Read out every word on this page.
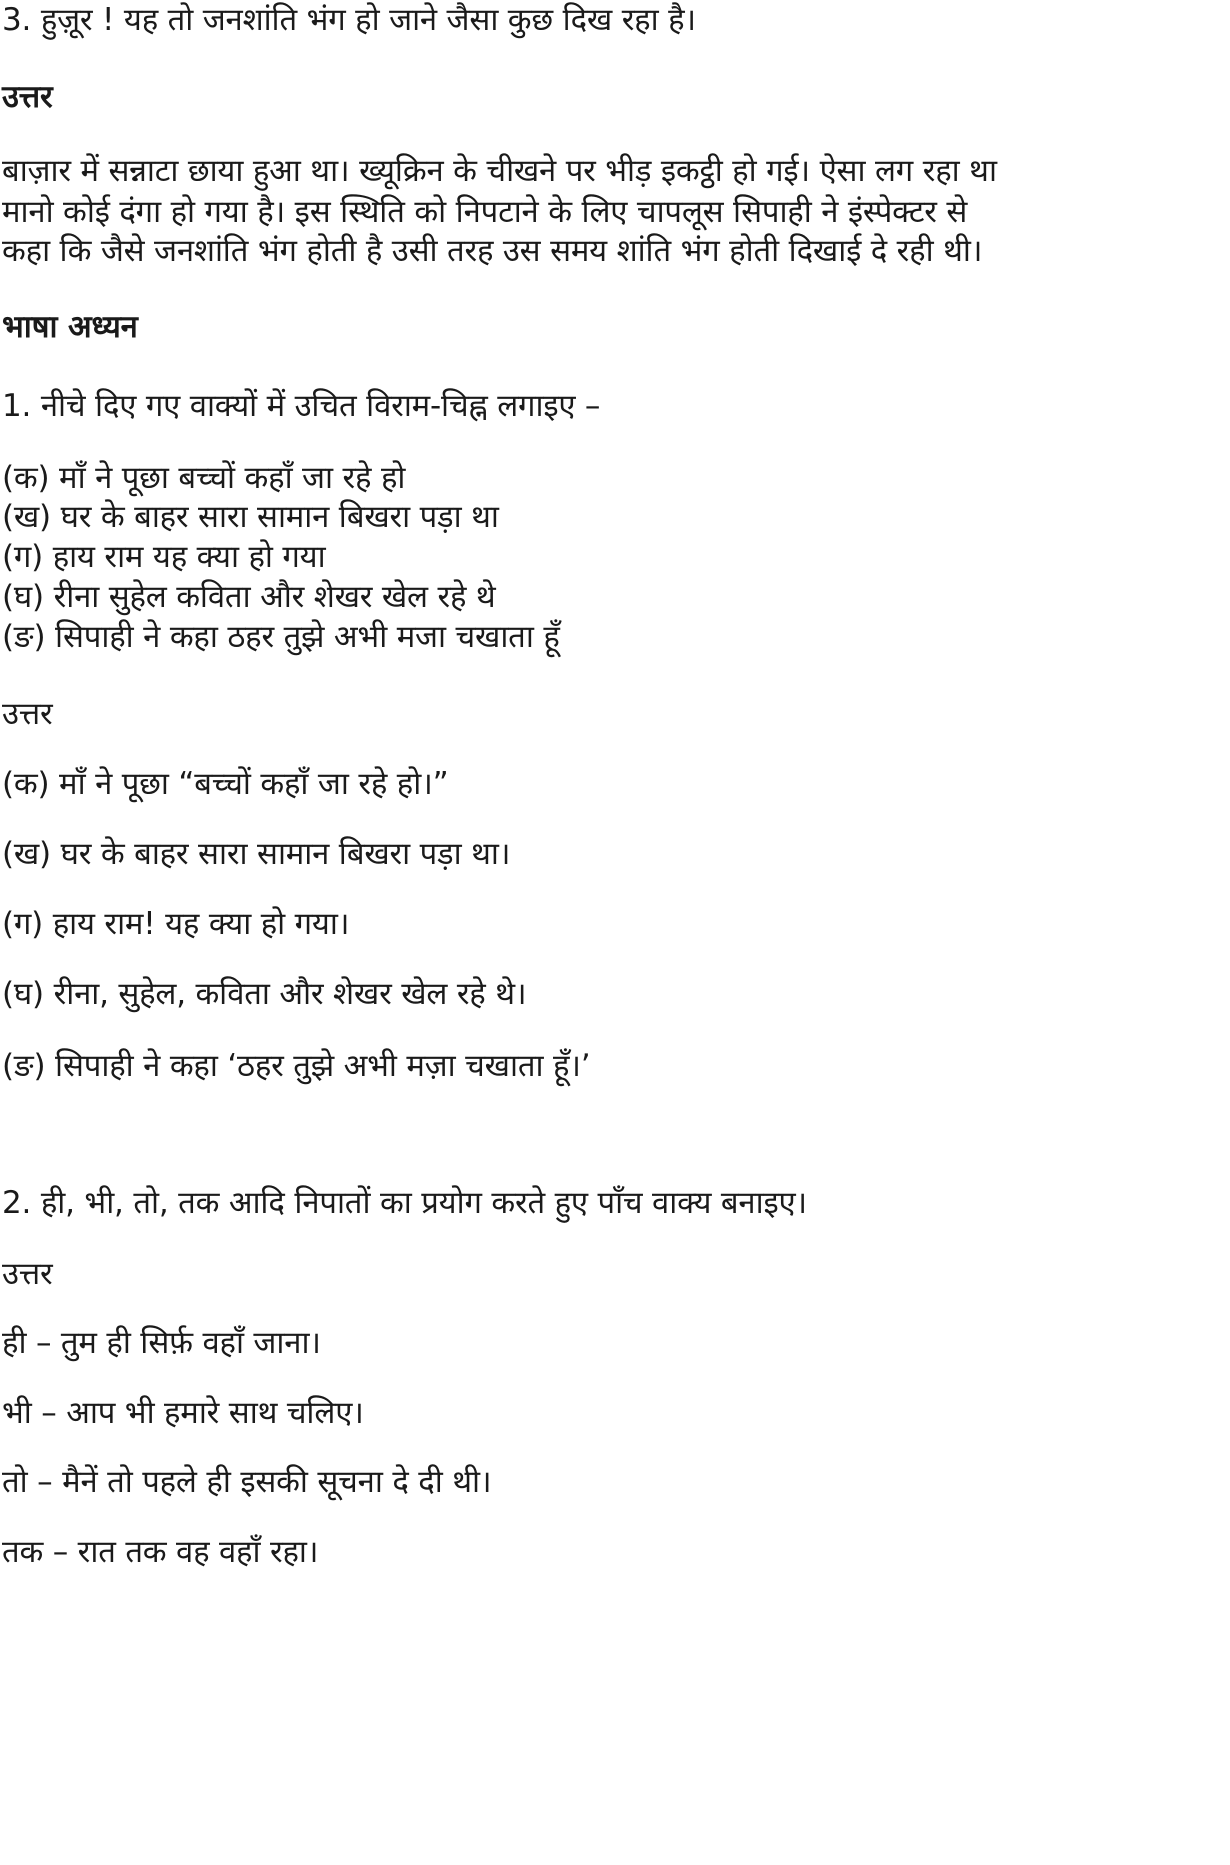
3. हुज़ूर ! यह तो जनशांति भंग हो जाने जैसा कुछ दिख रहा है।
उत्तर
बाज़ार में सन्नाटा छाया हुआ था। ख्यूक्रिन के चीखने पर भीड़ इकट्ठी हो गई। ऐसा लग रहा था
मानो कोई दंगा हो गया है। इस स्थिति को निपटाने के लिए चापलूस सिपाही ने इंस्पेक्टर से
कहा कि जैसे जनशांति भंग होती है उसी तरह उस समय शांति भंग होती दिखाई दे रही थी।
भाषा अध्यन
1. नीचे दिए गए वाक्यों में उचित विराम-चिह्न लगाइए –
(क) माँ ने पूछा बच्चों कहाँ जा रहे हो
(ख) घर के बाहर सारा सामान बिखरा पड़ा था
(ग) हाय राम यह क्या हो गया
(घ) रीना सुहेल कविता और शेखर खेल रहे थे
(ङ) सिपाही ने कहा ठहर तुझे अभी मजा चखाता हूँ
उत्तर
(क) माँ ने पूछा “बच्चों कहाँ जा रहे हो।”
(ख) घर के बाहर सारा सामान बिखरा पड़ा था।
(ग) हाय राम! यह क्या हो गया।
(घ) रीना, सुहेल, कविता और शेखर खेल रहे थे।
(ङ) सिपाही ने कहा ‘ठहर तुझे अभी मज़ा चखाता हूँ।’
2. ही, भी, तो, तक आदि निपातों का प्रयोग करते हुए पाँच वाक्य बनाइए।
उत्तर
ही – तुम ही सिर्फ़ वहाँ जाना।
भी – आप भी हमारे साथ चलिए।
तो – मैनें तो पहले ही इसकी सूचना दे दी थी।
तक – रात तक वह वहाँ रहा।
